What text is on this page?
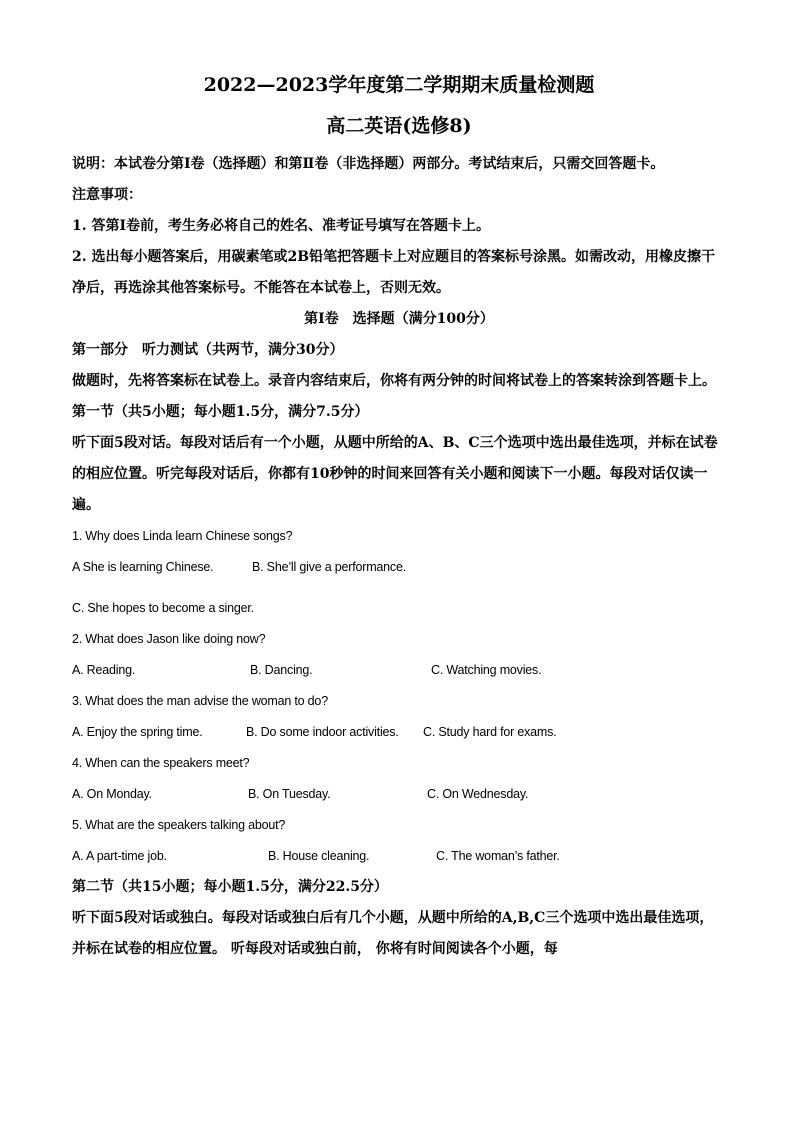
2022—2023学年度第二学期期末质量检测题
高二英语(选修8)

说明：本试卷分第Ⅰ卷（选择题）和第Ⅱ卷（非选择题）两部分。考试结束后，只需交回答题卡。

注意事项：

1. 答第Ⅰ卷前，考生务必将自己的姓名、准考证号填写在答题卡上。

2. 选出每小题答案后，用碳素笔或2B铅笔把答题卡上对应题目的答案标号涂黑。如需改动，用橡皮擦干净后，再选涂其他答案标号。不能答在本试卷上，否则无效。

第Ⅰ卷　选择题（满分100分）

第一部分　听力测试（共两节，满分30分）

做题时，先将答案标在试卷上。录音内容结束后，你将有两分钟的时间将试卷上的答案转涂到答题卡上。

第一节（共5小题；每小题1.5分，满分7.5分）

听下面5段对话。每段对话后有一个小题，从题中所给的A、B、C三个选项中选出最佳选项，并标在试卷的相应位置。听完每段对话后，你都有10秒钟的时间来回答有关小题和阅读下一小题。每段对话仅读一遍。

1. Why does Linda learn Chinese songs?

A She is learning Chinese.	B. She’ll give a performance.
C. She hopes to become a singer.

2. What does Jason like doing now?

A. Reading.	B. Dancing.	C. Watching movies.

3. What does the man advise the woman to do?

A. Enjoy the spring time.	B. Do some indoor activities.	C. Study hard for exams.

4. When can the speakers meet?

A. On Monday.	B. On Tuesday.	C. On Wednesday.

5. What are the speakers talking about?

A. A part-time job.	B. House cleaning.	C. The woman’s father.

第二节（共15小题；每小题1.5分，满分22.5分）

听下面5段对话或独白。每段对话或独白后有几个小题，从题中所给的A,B,C三个选项中选出最佳选项，并标在试卷的相应位置。 听每段对话或独白前， 你将有时间阅读各个小题，每
